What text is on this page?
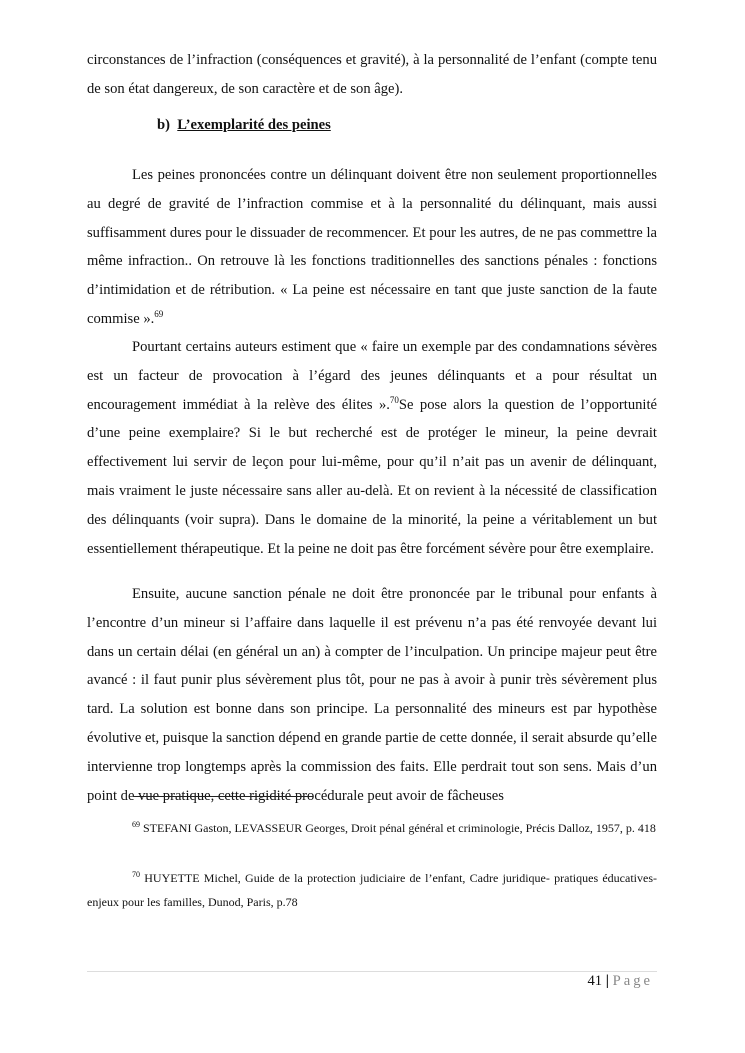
circonstances de l’infraction (conséquences et gravité), à la personnalité de l’enfant (compte tenu de son état dangereux, de son caractère et de son âge).
b) L’exemplarité des peines
Les peines prononcées contre un délinquant doivent être non seulement proportionnelles au degré de gravité de l’infraction commise et à la personnalité du délinquant, mais aussi suffisamment dures pour le dissuader de recommencer. Et pour les autres, de ne pas commettre la même infraction.. On retrouve là les fonctions traditionnelles des sanctions pénales : fonctions d’intimidation et de rétribution. « La peine est nécessaire en tant que juste sanction de la faute commise ».$^{69}$
Pourtant certains auteurs estiment que « faire un exemple par des condamnations sévères est un facteur de provocation à l’égard des jeunes délinquants et a pour résultat un encouragement immédiat à la relève des élites ».$^{70}$Se pose alors la question de l’opportunité d’une peine exemplaire? Si le but recherché est de protéger le mineur, la peine devrait effectivement lui servir de leçon pour lui-même, pour qu’il n’ait pas un avenir de délinquant, mais vraiment le juste nécessaire sans aller au-delà. Et on revient à la nécessité de classification des délinquants (voir supra). Dans le domaine de la minorité, la peine a véritablement un but essentiellement thérapeutique. Et la peine ne doit pas être forcément sévère pour être exemplaire.
Ensuite, aucune sanction pénale ne doit être prononcée par le tribunal pour enfants à l’encontre d’un mineur si l’affaire dans laquelle il est prévenu n’a pas été renvoyée devant lui dans un certain délai (en général un an) à compter de l’inculpation. Un principe majeur peut être avancé : il faut punir plus sévèrement plus tôt, pour ne pas à avoir à punir très sévèrement plus tard. La solution est bonne dans son principe. La personnalité des mineurs est par hypothèse évolutive et, puisque la sanction dépend en grande partie de cette donnée, il serait absurde qu’elle intervienne trop longtemps après la commission des faits. Elle perdrait tout son sens. Mais d’un point de vue pratique, cette rigidité procédurale peut avoir de fâcheuses
$^{69}$ STEFANI Gaston, LEVASSEUR Georges, Droit pénal général et criminologie, Précis Dalloz, 1957, p. 418
$^{70}$ HUYETTE Michel, Guide de la protection judiciaire de l’enfant, Cadre juridique- pratiques éducatives- enjeux pour les familles, Dunod, Paris, p.78
41 | Page
